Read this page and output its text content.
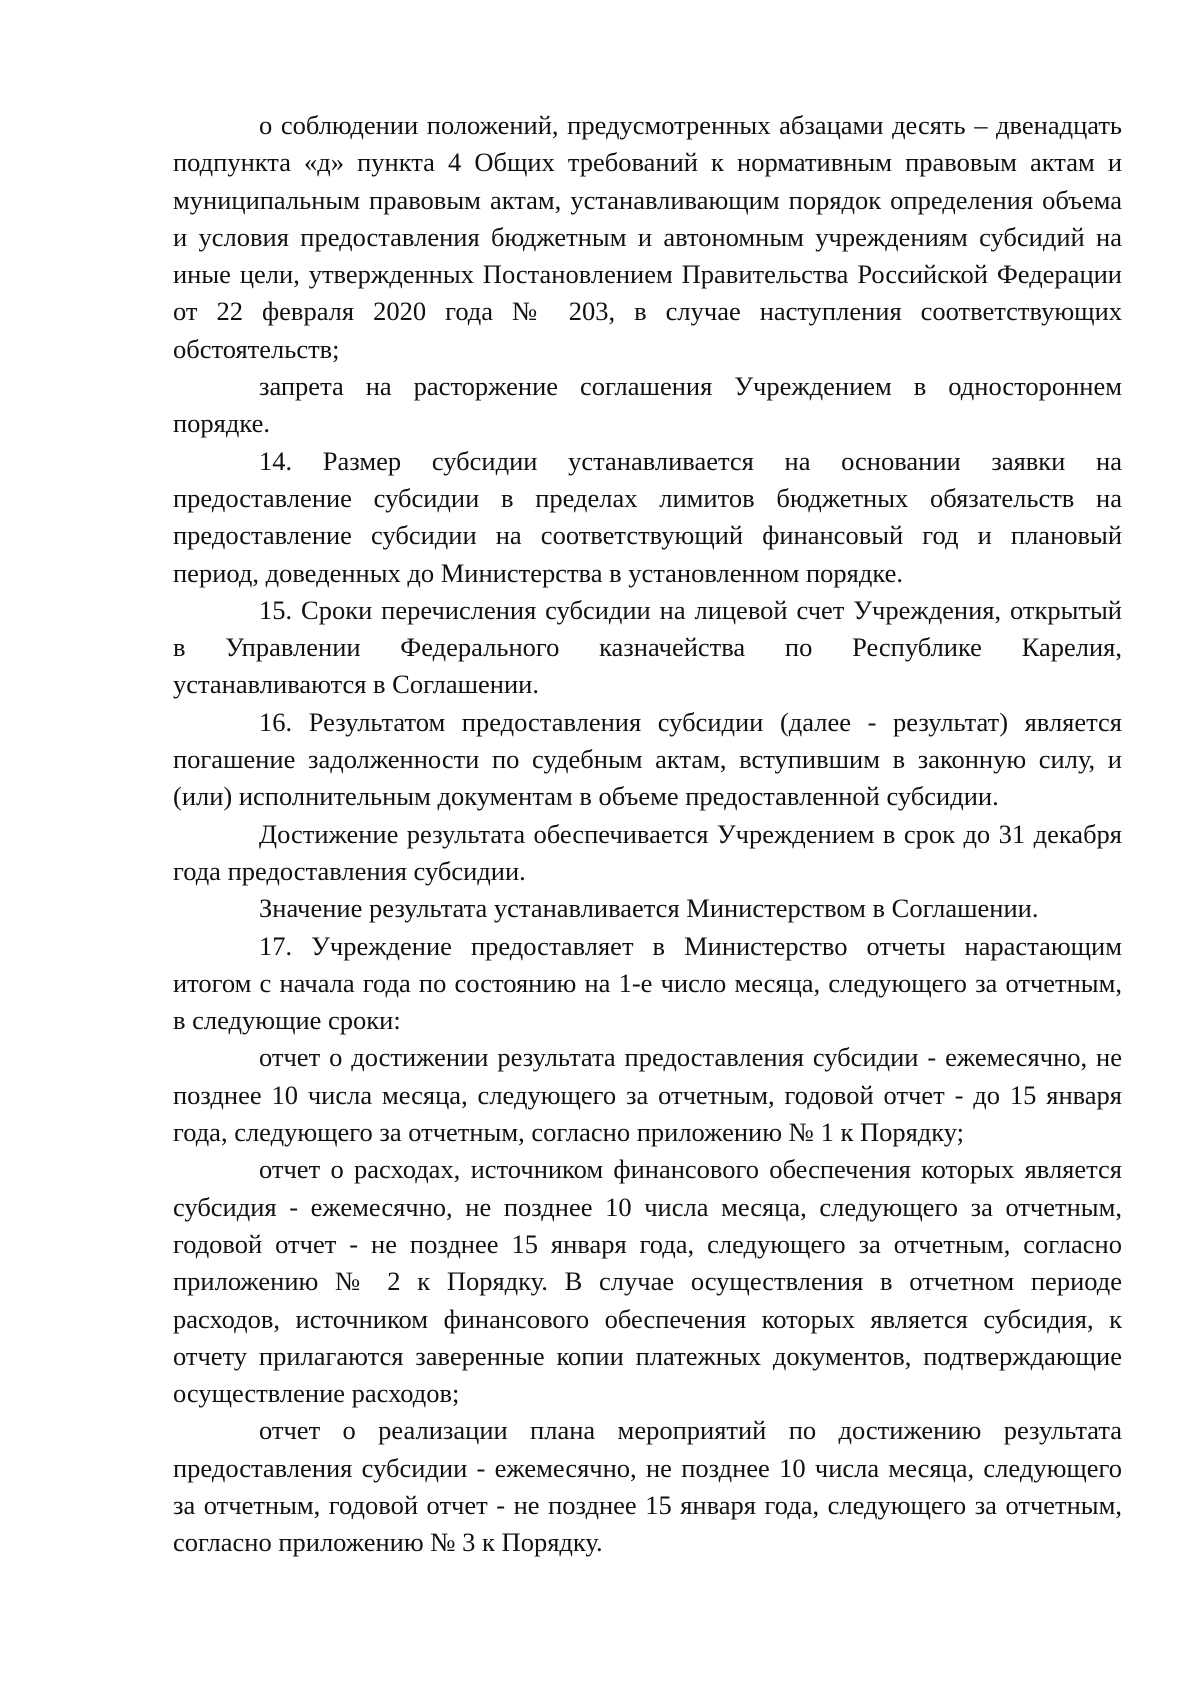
о соблюдении положений, предусмотренных абзацами десять – двенадцать подпункта «д» пункта 4 Общих требований к нормативным правовым актам и муниципальным правовым актам, устанавливающим порядок определения объема и условия предоставления бюджетным и автономным учреждениям субсидий на иные цели, утвержденных Постановлением Правительства Российской Федерации от 22 февраля 2020 года № 203, в случае наступления соответствующих обстоятельств;

запрета на расторжение соглашения Учреждением в одностороннем порядке.

14. Размер субсидии устанавливается на основании заявки на предоставление субсидии в пределах лимитов бюджетных обязательств на предоставление субсидии на соответствующий финансовый год и плановый период, доведенных до Министерства в установленном порядке.

15. Сроки перечисления субсидии на лицевой счет Учреждения, открытый в Управлении Федерального казначейства по Республике Карелия, устанавливаются в Соглашении.

16. Результатом предоставления субсидии (далее - результат) является погашение задолженности по судебным актам, вступившим в законную силу, и (или) исполнительным документам в объеме предоставленной субсидии.

Достижение результата обеспечивается Учреждением в срок до 31 декабря года предоставления субсидии.

Значение результата устанавливается Министерством в Соглашении.

17. Учреждение предоставляет в Министерство отчеты нарастающим итогом с начала года по состоянию на 1-е число месяца, следующего за отчетным, в следующие сроки:

отчет о достижении результата предоставления субсидии - ежемесячно, не позднее 10 числа месяца, следующего за отчетным, годовой отчет - до 15 января года, следующего за отчетным, согласно приложению № 1 к Порядку;

отчет о расходах, источником финансового обеспечения которых является субсидия - ежемесячно, не позднее 10 числа месяца, следующего за отчетным, годовой отчет - не позднее 15 января года, следующего за отчетным, согласно приложению № 2 к Порядку. В случае осуществления в отчетном периоде расходов, источником финансового обеспечения которых является субсидия, к отчету прилагаются заверенные копии платежных документов, подтверждающие осуществление расходов;

отчет о реализации плана мероприятий по достижению результата предоставления субсидии - ежемесячно, не позднее 10 числа месяца, следующего за отчетным, годовой отчет - не позднее 15 января года, следующего за отчетным, согласно приложению № 3 к Порядку.
